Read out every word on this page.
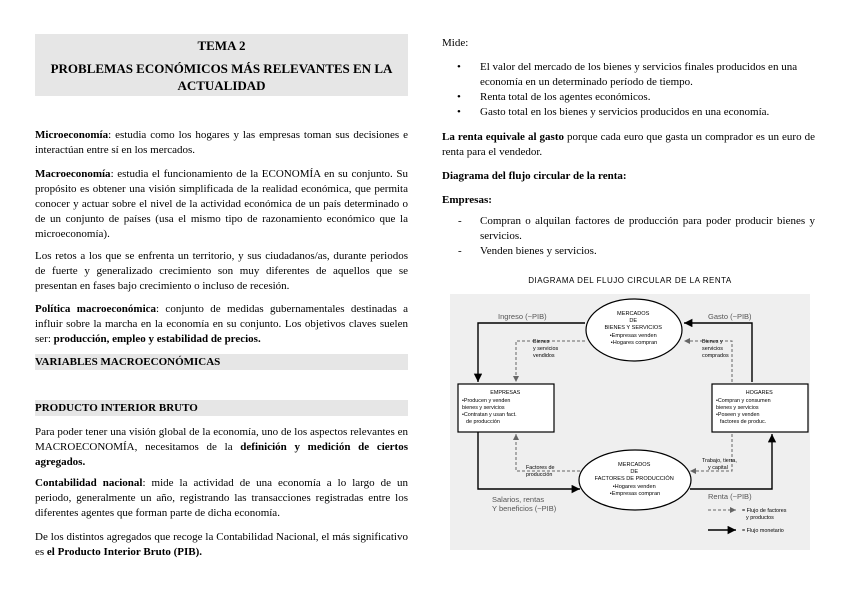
TEMA 2
PROBLEMAS ECONÓMICOS MÁS RELEVANTES EN LA ACTUALIDAD

Microeconomía: estudia como los hogares y las empresas toman sus decisiones e interactúan entre sí en los mercados.

Macroeconomía: estudia el funcionamiento de la ECONOMÍA en su conjunto. Su propósito es obtener una visión simplificada de la realidad económica, que permita conocer y actuar sobre el nivel de la actividad económica de un país determinado o de un conjunto de países (usa el mismo tipo de razonamiento económico que la microeconomía).

Los retos a los que se enfrenta un territorio, y sus ciudadanos/as, durante periodos de fuerte y generalizado crecimiento son muy diferentes de aquellos que se presentan en fases bajo crecimiento o incluso de recesión.

Política macroeconómica: conjunto de medidas gubernamentales destinadas a influir sobre la marcha en la economía en su conjunto. Los objetivos claves suelen ser: producción, empleo y estabilidad de precios.

VARIABLES MACROECONÓMICAS
PRODUCTO INTERIOR BRUTO

Para poder tener una visión global de la economía, uno de los aspectos relevantes en MACROECONOMÍA, necesitamos de la definición y medición de ciertos agregados.

Contabilidad nacional: mide la actividad de una economía a lo largo de un periodo, generalmente un año, registrando las transacciones registradas entre los diferentes agentes que forman parte de dicha economía.

De los distintos agregados que recoge la Contabilidad Nacional, el más significativo es el Producto Interior Bruto (PIB).

Mide:

• El valor del mercado de los bienes y servicios finales producidos en una economía en un determinado período de tiempo.
• Renta total de los agentes económicos.
• Gasto total en los bienes y servicios producidos en una economía.

La renta equivale al gasto porque cada euro que gasta un comprador es un euro de renta para el vendedor.

Diagrama del flujo circular de la renta:

Empresas:

- Compran o alquilan factores de producción para poder producir bienes y servicios.
- Venden bienes y servicios.
DIAGRAMA DEL FLUJO CIRCULAR DE LA RENTA
MERCADOS DE BIENES Y SERVICIOS •Empresas venden •Hogares compran
MERCADOS DE FACTORES DE PRODUCCIÓN •Hogares venden •Empresas compran
EMPRESAS •Producen y venden bienes y servicios •Contratan y usan fact. de producción
HOGARES •Compran y consumen bienes y servicios •Poseen y venden factores de produc.
Ingreso (~PIB)	Gasto (~PIB)
Bienes y servicios vendidos
Bienes y servicios comprados
Factores de producción
Trabajo, tierra, y capital
Salarios, rentas Y beneficios (~PIB)
Renta (~PIB)
= Flujo de factores y productos
= Flujo monetario
